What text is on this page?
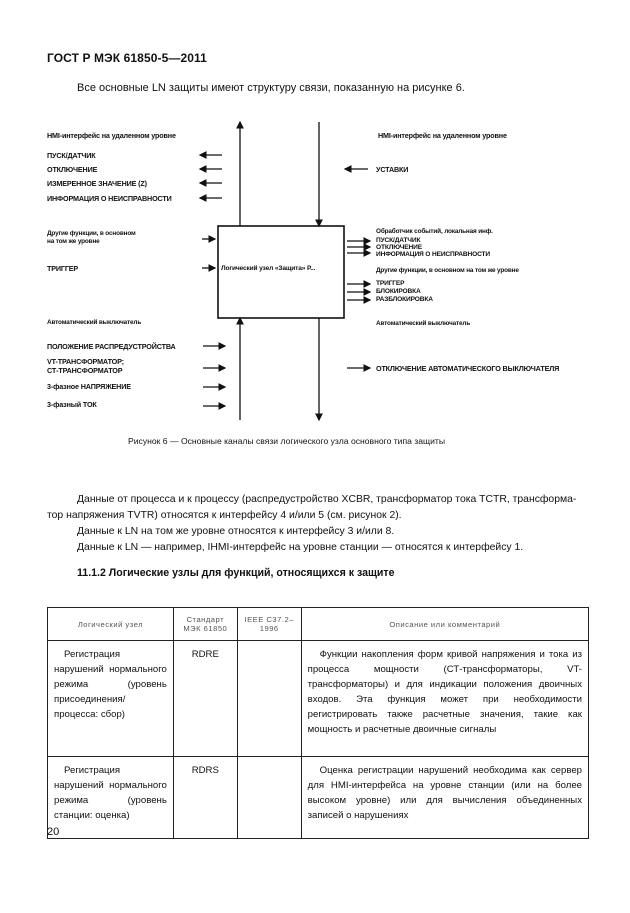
ГОСТ Р МЭК 61850-5—2011
Все основные LN защиты имеют структуру связи, показанную на рисунке 6.
НМІ-интерфейс на удаленном уровне	НМІ-интерфейс на удаленном уровне
ПУСК/ДАТЧИК
ОТКЛЮЧЕНИЕ
ИЗМЕРЕННОЕ ЗНАЧЕНИЕ (Z)
ИНФОРМАЦИЯ О НЕИСПРАВНОСТИ
УСТАВКИ
Другие функции, в основном
на том же уровне
ТРИГГЕР	Логический узел «Защита» Р...
Обработчик событий, локальная инф.
ПУСК/ДАТЧИК
ОТКЛЮЧЕНИЕ
ИНФОРМАЦИЯ О НЕИСПРАВНОСТИ
Другие функции, в основном на том же уровне
ТРИГГЕР
БЛОКИРОВКА
РАЗБЛОКИРОВКА
Автоматический выключатель	Автоматический выключатель
ПОЛОЖЕНИЕ РАСПРЕДУСТРОЙСТВА
VT-ТРАНСФОРМАТОР;
СТ-ТРАНСФОРМАТОР
3-фазное НАПРЯЖЕНИЕ
3-фазный ТОК
ОТКЛЮЧЕНИЕ АВТОМАТИЧЕСКОГО ВЫКЛЮЧАТЕЛЯ
Рисунок 6 — Основные каналы связи логического узла основного типа защиты
Данные от процесса и к процессу (распредустройство XCBR, трансформатор тока TCTR, трансформа-
тор напряжения TVTR) относятся к интерфейсу 4 и/или 5 (см. рисунок 2).
Данные к LN на том же уровне относятся к интерфейсу 3 и/или 8.
Данные к LN — например, IHMI-интерфейс на уровне станции — относятся к интерфейсу 1.
11.1.2 Логические узлы для функций, относящихся к защите
Логический узел	Стандарт МЭК 61850	IEEE C37.2–1996	Описание или комментарий
Регистрация нарушений нормального режима (уровень присоединения/процесса: сбор)	RDRE		Функции накопления форм кривой напряжения и тока из процесса мощности (СТ-трансформаторы, VT-трансформаторы) и для индикации положения двоичных входов. Эта функция может при необходимости регистрировать также расчетные значения, такие как мощность и расчетные двоичные сигналы
Регистрация нарушений нормального режима (уровень станции: оценка)	RDRS		Оценка регистрации нарушений необходима как сервер для НМІ-интерфейса на уровне станции (или на более высоком уровне) или для вычисления объединенных записей о нарушениях
20
